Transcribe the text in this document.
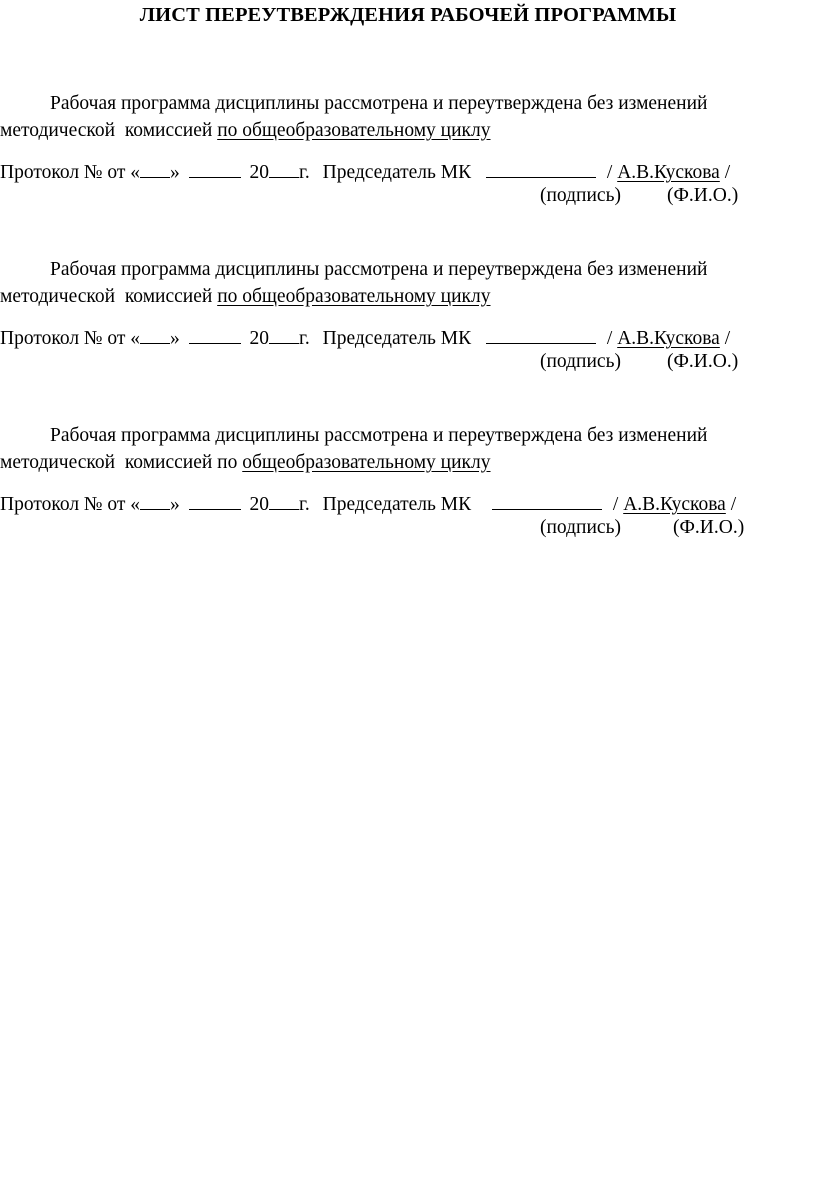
ЛИСТ ПЕРЕУТВЕРЖДЕНИЯ РАБОЧЕЙ ПРОГРАММЫ

Рабочая программа дисциплины рассмотрена и переутверждена без изменений
методической  комиссией по общеобразовательному циклу

Протокол № от « »	20 г. Председатель МК	/ А.В.Кускова /
(подпись) (Ф.И.О.)

Рабочая программа дисциплины рассмотрена и переутверждена без изменений
методической  комиссией по общеобразовательному циклу

Протокол № от « »	20 г. Председатель МК	/ А.В.Кускова /
(подпись) (Ф.И.О.)

Рабочая программа дисциплины рассмотрена и переутверждена без изменений
методической  комиссией по общеобразовательному циклу

Протокол № от « »	20 г. Председатель МК	/ А.В.Кускова /
(подпись)	(Ф.И.О.)
